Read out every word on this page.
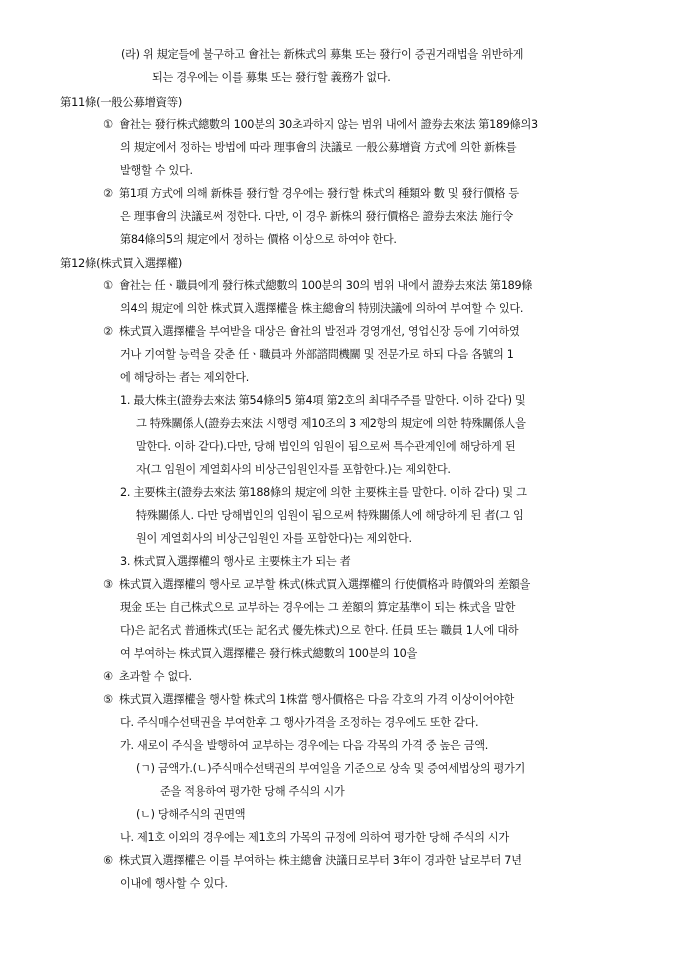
(라) 위 規定들에 불구하고 會社는 新株式의 募集 또는 發行이 증권거래법을 위반하게
되는 경우에는 이를 募集 또는 發行할 義務가 없다.
第11條(一般公募增資等)
① 會社는 發行株式總數의 100분의 30초과하지 않는 범위 내에서 證券去來法 第189條의3
의 規定에서 정하는 방법에 따라 理事會의 決議로 一般公募增資 方式에 의한 新株를
발행할 수 있다.
② 第1項 方式에 의해 新株를 發行할 경우에는 發行할 株式의 種類와 數 및 發行價格 등
은 理事會의 決議로써 정한다. 다만, 이 경우 新株의 發行價格은 證券去來法 施行令
第84條의5의 規定에서 정하는 價格 이상으로 하여야 한다.
第12條(株式買入選擇權)
① 會社는 任ㆍ職員에게 發行株式總數의 100분의 30의 범위 내에서 證券去來法 第189條
의4의 規定에 의한 株式買入選擇權을 株主總會의 特別決議에 의하여 부여할 수 있다.
② 株式買入選擇權을 부여받을 대상은 會社의 발전과 경영개선, 영업신장 등에 기여하였
거나 기여할 능력을 갖춘 任ㆍ職員과 外部諮問機關 및 전문가로 하되 다음 各號의 1
에 해당하는 者는 제외한다.
1. 最大株主(證券去來法 第54條의5 第4項 第2호의 최대주주를 말한다. 이하 같다) 및
그 特殊關係人(證券去來法 시행령 제10조의 3 제2항의 規定에 의한 特殊關係人을
말한다. 이하 같다).다만, 당해 법인의 임원이 됨으로써 특수관계인에 해당하게 된
자(그 임원이 계열회사의 비상근임원인자를 포함한다.)는 제외한다.
2. 主要株主(證券去來法 第188條의 規定에 의한 主要株主를 말한다. 이하 같다) 및 그
特殊關係人. 다만 당해법인의 임원이 됨으로써 特殊關係人에 해당하게 된 者(그 임
원이 계열회사의 비상근임원인 자를 포함한다)는 제외한다.
3. 株式買入選擇權의 행사로 主要株主가 되는 者
③ 株式買入選擇權의 행사로 교부할 株式(株式買入選擇權의 行使價格과 時價와의 差額을
現金 또는 自己株式으로 교부하는 경우에는 그 差額의 算定基準이 되는 株式을 말한
다)은 記名式 普通株式(또는 記名式 優先株式)으로 한다. 任員 또는 職員 1人에 대하
여 부여하는 株式買入選擇權은 發行株式總數의 100분의 10을
④ 초과할 수 없다.
⑤ 株式買入選擇權을 행사할 株式의 1株當 행사價格은 다음 각호의 가격 이상이어야한
다. 주식매수선택권을 부여한후 그 행사가격을 조정하는 경우에도 또한 같다.
가. 새로이 주식을 발행하여 교부하는 경우에는 다음 각목의 가격 중 높은 금액.
(ㄱ) 금액가.(ㄴ)주식매수선택권의 부여일을 기준으로 상속 및 증여세법상의 평가기
준을 적용하여 평가한 당해 주식의 시가
(ㄴ) 당해주식의 권면액
나. 제1호 이외의 경우에는 제1호의 가목의 규정에 의하여 평가한 당해 주식의 시가
⑥ 株式買入選擇權은 이를 부여하는 株主總會 決議日로부터 3年이 경과한 날로부터 7년
이내에 행사할 수 있다.
